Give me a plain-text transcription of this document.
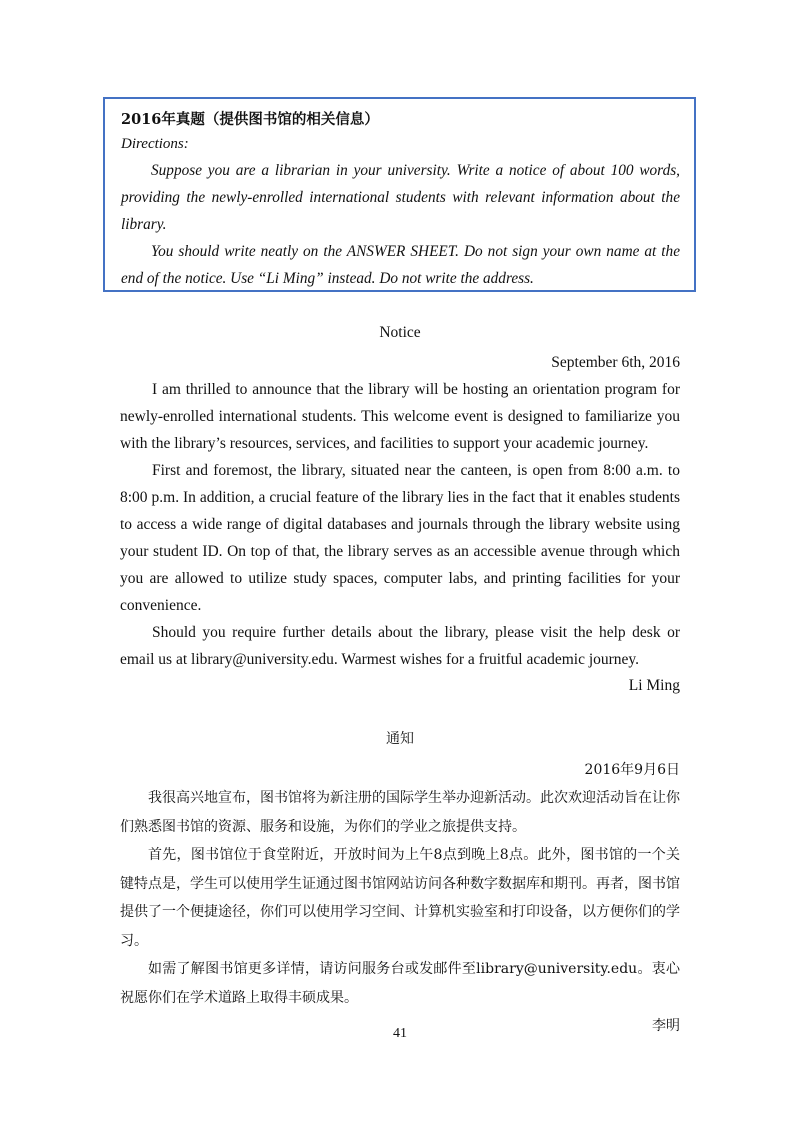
2016年真题（提供图书馆的相关信息）

Directions:

Suppose you are a librarian in your university. Write a notice of about 100 words, providing the newly-enrolled international students with relevant information about the library.

You should write neatly on the ANSWER SHEET. Do not sign your own name at the end of the notice. Use “Li Ming” instead. Do not write the address.

Notice

September 6th, 2016

I am thrilled to announce that the library will be hosting an orientation program for newly-enrolled international students. This welcome event is designed to familiarize you with the library’s resources, services, and facilities to support your academic journey.

First and foremost, the library, situated near the canteen, is open from 8:00 a.m. to 8:00 p.m. In addition, a crucial feature of the library lies in the fact that it enables students to access a wide range of digital databases and journals through the library website using your student ID. On top of that, the library serves as an accessible avenue through which you are allowed to utilize study spaces, computer labs, and printing facilities for your convenience.

Should you require further details about the library, please visit the help desk or email us at library@university.edu. Warmest wishes for a fruitful academic journey.

Li Ming

通知

2016年9月6日

我很高兴地宣布，图书馆将为新注册的国际学生举办迎新活动。此次欢迎活动旨在让你们熟悉图书馆的资源、服务和设施，为你们的学业之旅提供支持。

首先，图书馆位于食堂附近，开放时间为上午8点到晚上8点。此外，图书馆的一个关键特点是，学生可以使用学生证通过图书馆网站访问各种数字数据库和期刊。再者，图书馆提供了一个便捷途径，你们可以使用学习空间、计算机实验室和打印设备，以方便你们的学习。

如需了解图书馆更多详情，请访问服务台或发邮件至library@university.edu。衷心祝愿你们在学术道路上取得丰硕成果。

李明

41
